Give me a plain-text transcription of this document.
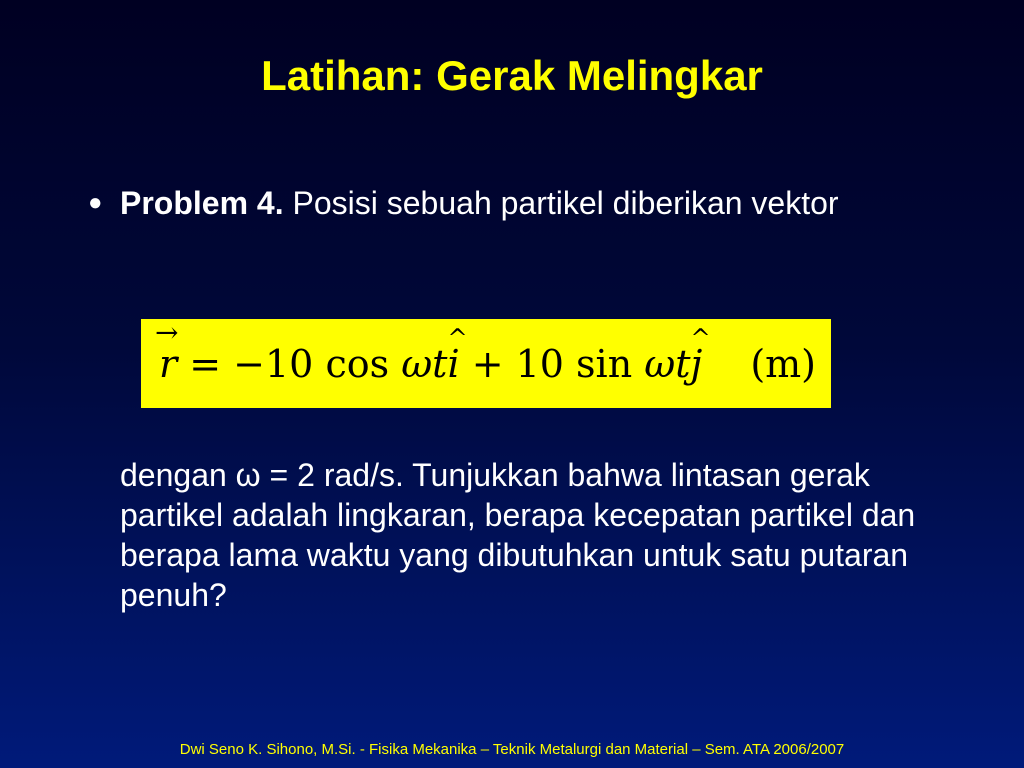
Latihan: Gerak Melingkar
● Problem 4. Posisi sebuah partikel diberikan vektor
→ r = −10 cos ωt ^ i + 10 sin ωt ^ j (m)
dengan ω = 2 rad/s. Tunjukkan bahwa lintasan gerak partikel adalah lingkaran, berapa kecepatan partikel dan berapa lama waktu yang dibutuhkan untuk satu putaran penuh?
Dwi Seno K. Sihono, M.Si. - Fisika Mekanika – Teknik Metalurgi dan Material – Sem. ATA 2006/2007
